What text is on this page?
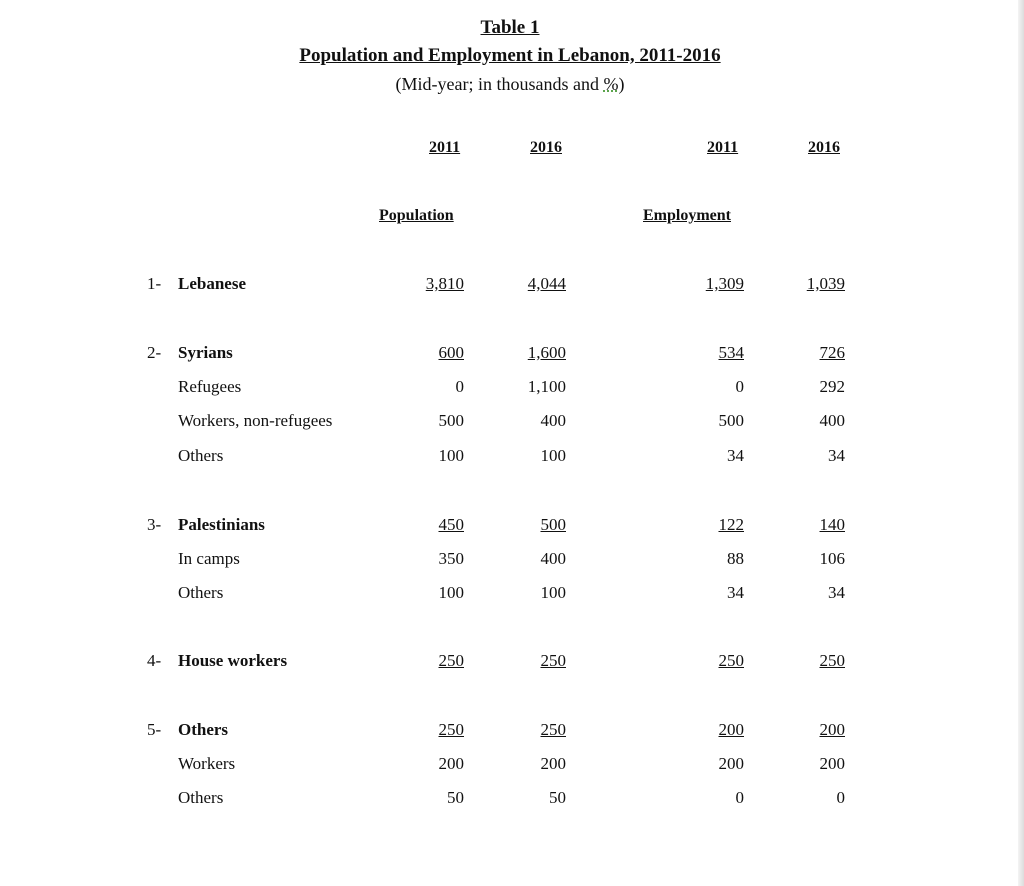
Table 1
Population and Employment in Lebanon, 2011-2016
(Mid-year; in thousands and %)
2011	2016	2011	2016
Population	Employment
1- Lebanese	3,810	4,044	1,309	1,039
2- Syrians	600	1,600	534	726
Refugees	0	1,100	0	292
Workers, non-refugees	500	400	500	400
Others	100	100	34	34
3- Palestinians	450	500	122	140
In camps	350	400	88	106
Others	100	100	34	34
4- House workers	250	250	250	250
5- Others	250	250	200	200
Workers	200	200	200	200
Others	50	50	0	0
